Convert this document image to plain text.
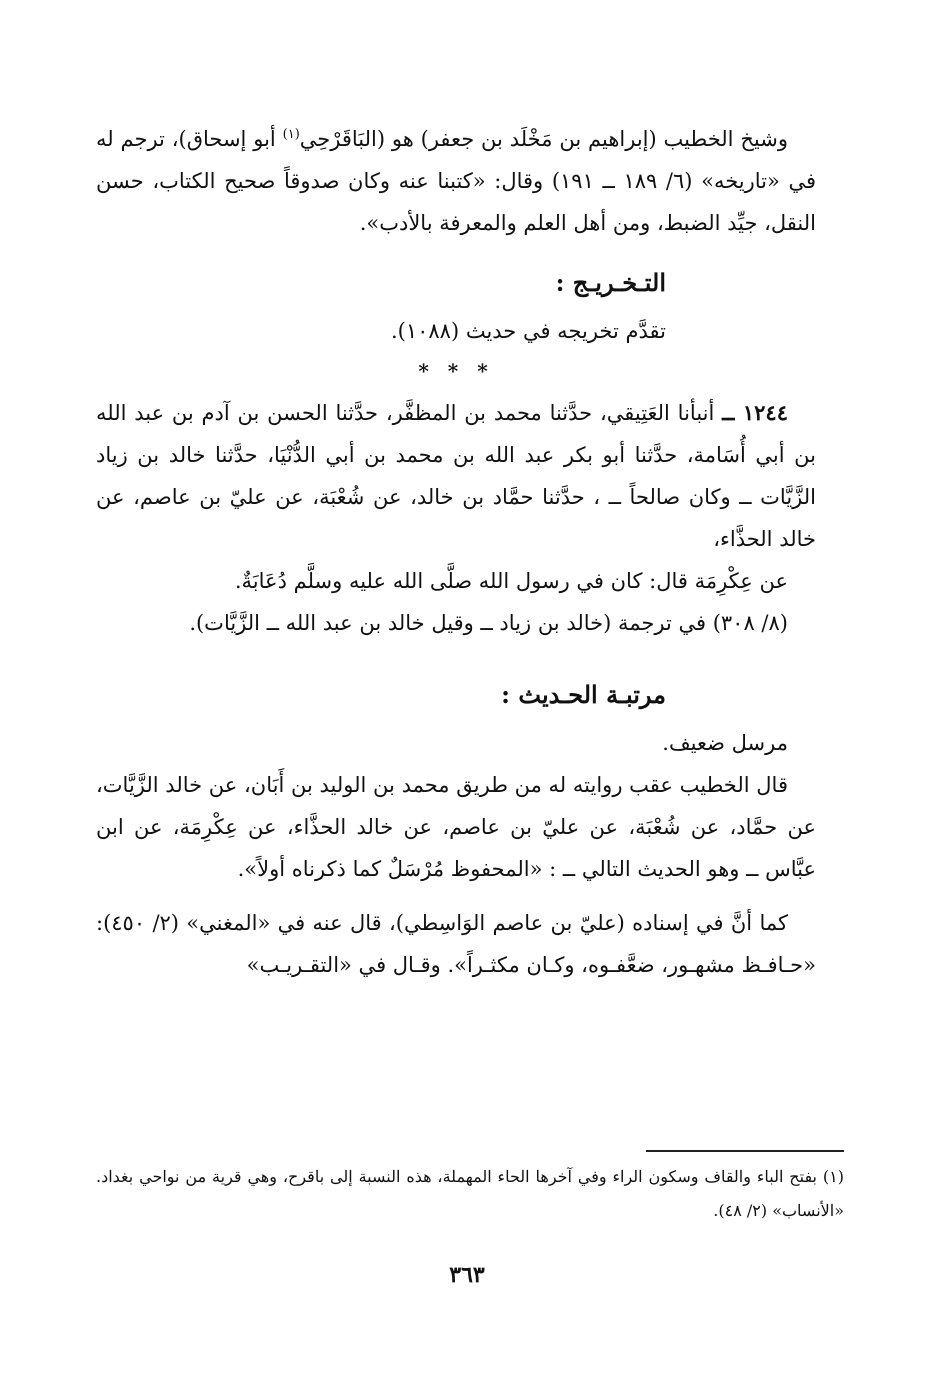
وشيخ الخطيب (إبراهيم بن مَخْلَد بن جعفر) هو (البَاقَرْحِي$^{(١)}$ أبو إسحاق)، ترجم له في «تاريخه» (٦/ ١٨٩ ــ ١٩١) وقال: «كتبنا عنه وكان صدوقاً صحيح الكتاب، حسن النقل، جيِّد الضبط، ومن أهل العلم والمعرفة بالأدب».

التـخـريـج :

تقدَّم تخريجه في حديث (١٠٨٨).

* * *

١٢٤٤ ــ أنبأنا العَتِيقي، حدَّثنا محمد بن المظفَّر، حدَّثنا الحسن بن آدم بن عبد الله بن أبي أُسَامة، حدَّثنا أبو بكر عبد الله بن محمد بن أبي الدُّنْيَا، حدَّثنا خالد بن زياد الزَّيَّات ــ وكان صالحاً ــ ، حدَّثنا حمَّاد بن خالد، عن شُعْبَة، عن عليّ بن عاصم، عن خالد الحذَّاء،

عن عِكْرِمَة قال: كان في رسول الله صلَّى الله عليه وسلَّم دُعَابَةٌ.

(٨/ ٣٠٨) في ترجمة (خالد بن زياد ــ وقيل خالد بن عبد الله ــ الزَّيَّات).

مرتبـة الحـديث :

مرسل ضعيف.

قال الخطيب عقب روايته له من طريق محمد بن الوليد بن أَبَان، عن خالد الزَّيَّات، عن حمَّاد، عن شُعْبَة، عن عليّ بن عاصم، عن خالد الحذَّاء، عن عِكْرِمَة، عن ابن عبَّاس ــ وهو الحديث التالي ــ : «المحفوظ مُرْسَلٌ كما ذكرناه أولاً».

كما أنَّ في إسناده (عليّ بن عاصم الوَاسِطي)، قال عنه في «المغني» (٢/ ٤٥٠): «حـافـظ مشهـور، ضعَّفـوه، وكـان مكثـراً». وقـال في «التقـريـب»

(١) بفتح الباء والقاف وسكون الراء وفي آخرها الحاء المهملة، هذه النسبة إلى باقرح، وهي قرية من نواحي بغداد. «الأنساب» (٢/ ٤٨).
٣٦٣
